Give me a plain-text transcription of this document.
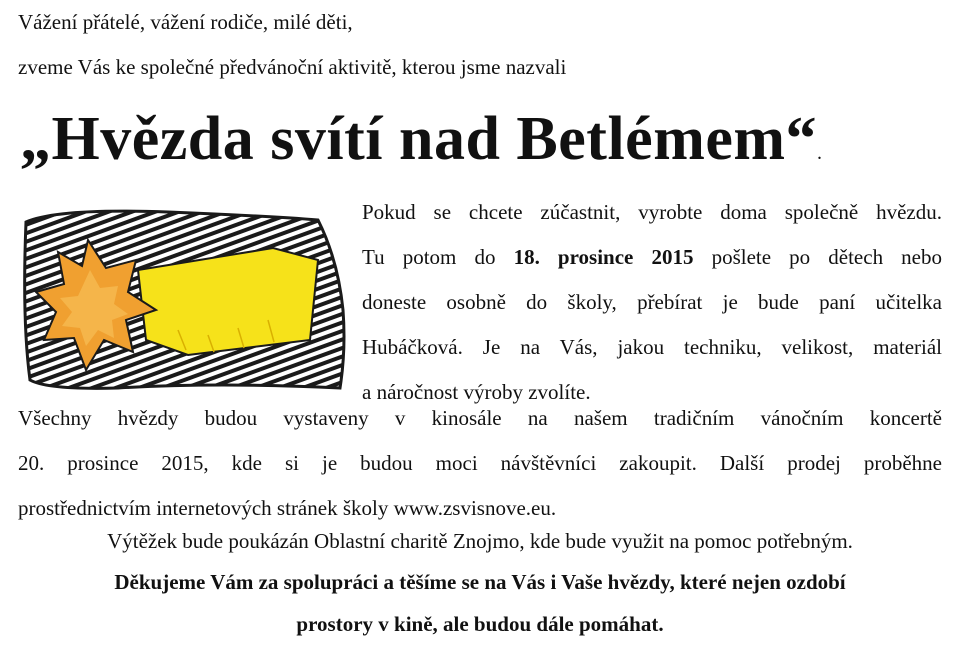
Vážení přátelé, vážení rodiče, milé děti,
zveme Vás ke společné předvánoční aktivitě, kterou jsme nazvali
„Hvězda svítí nad Betlémem“.
Pokud se chcete zúčastnit, vyrobte doma společně hvězdu.
Tu potom do 18. prosince 2015 pošlete po dětech nebo
doneste osobně do školy, přebírat je bude paní učitelka
Hubáčková. Je na Vás, jakou techniku, velikost, materiál
a náročnost výroby zvolíte.
Všechny hvězdy budou vystaveny v kinosále na našem tradičním vánočním koncertě
20. prosince 2015, kde si je budou moci návštěvníci zakoupit. Další prodej proběhne
prostřednictvím internetových stránek školy www.zsvisnove.eu.
Výtěžek bude poukázán Oblastní charitě Znojmo, kde bude využit na pomoc potřebným.
Děkujeme Vám za spolupráci a těšíme se na Vás i Vaše hvězdy, které nejen ozdobí
prostory v kině, ale budou dále pomáhat.
